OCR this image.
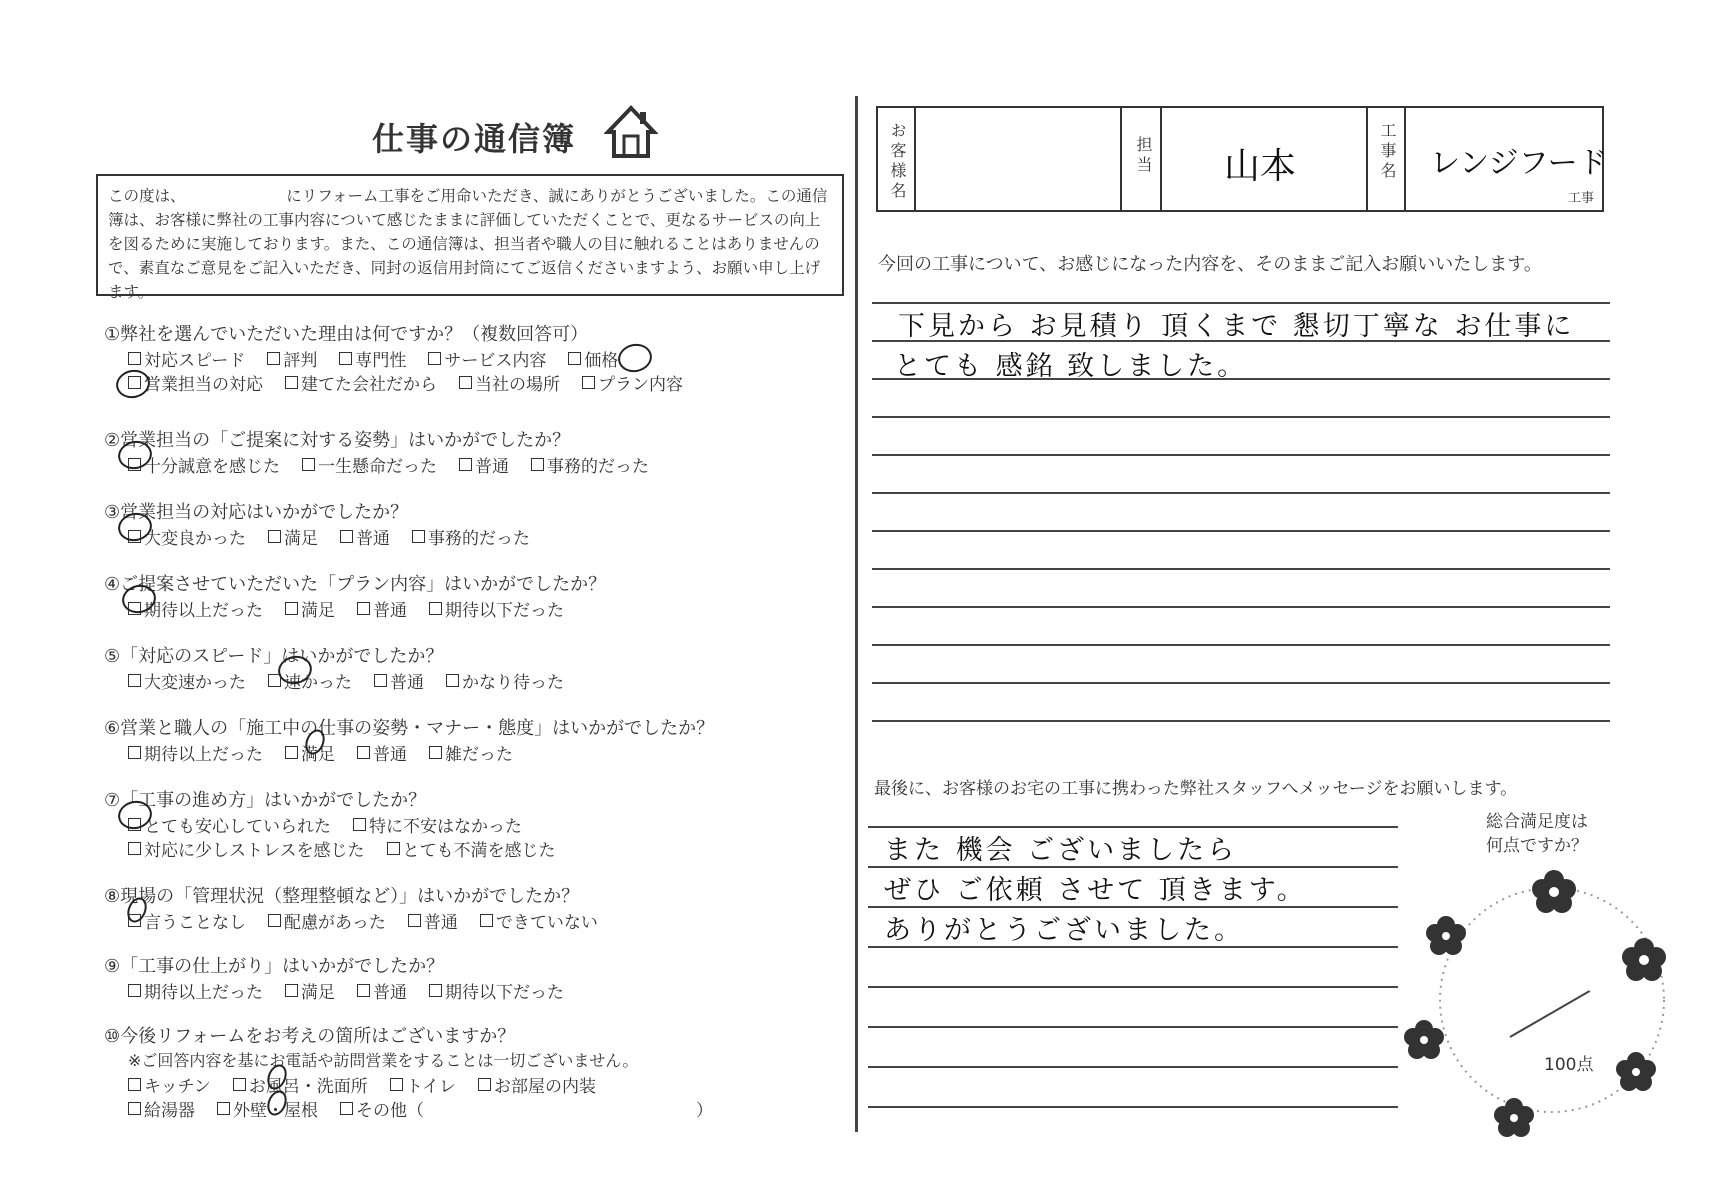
仕事の通信簿
この度は、　　　　　　　にリフォーム工事をご用命いただき、誠にありがとうございました。この通信簿は、お客様に弊社の工事内容について感じたままに評価していただくことで、更なるサービスの向上を図るために実施しております。また、この通信簿は、担当者や職人の目に触れることはありませんので、素直なご意見をご記入いただき、同封の返信用封筒にてご返信くださいますよう、お願い申し上げます。
①弊社を選んでいただいた理由は何ですか？（複数回答可）
対応スピード 評判 専門性 サービス内容 価格
営業担当の対応 建てた会社だから 当社の場所 プラン内容
②営業担当の「ご提案に対する姿勢」はいかがでしたか？
十分誠意を感じた 一生懸命だった 普通 事務的だった
③営業担当の対応はいかがでしたか？
大変良かった 満足 普通 事務的だった
④ご提案させていただいた「プラン内容」はいかがでしたか？
期待以上だった 満足 普通 期待以下だった
⑤「対応のスピード」はいかがでしたか？
大変速かった 速かった 普通 かなり待った
⑥営業と職人の「施工中の仕事の姿勢・マナー・態度」はいかがでしたか？
期待以上だった 満足 普通 雑だった
⑦「工事の進め方」はいかがでしたか？
とても安心していられた 特に不安はなかった
対応に少しストレスを感じた とても不満を感じた
⑧現場の「管理状況（整理整頓など）」はいかがでしたか？
言うことなし 配慮があった 普通 できていない
⑨「工事の仕上がり」はいかがでしたか？
期待以上だった 満足 普通 期待以下だった
⑩今後リフォームをお考えの箇所はございますか？
※ご回答内容を基にお電話や訪問営業をすることは一切ございません。
キッチン お風呂・洗面所 トイレ お部屋の内装
給湯器 外壁・屋根 その他（　　　　　　　　　　　　　　　　）
お客様名	担当 山本	工事名 レンジフード
工事
今回の工事について、お感じになった内容を、そのままご記入お願いいたします。
下見から お見積り 頂くまで 懇切丁寧な お仕事に
とても 感銘 致しました。
最後に、お客様のお宅の工事に携わった弊社スタッフへメッセージをお願いします。
また 機会 ございましたら
ぜひ ご依頼 させて 頂きます。
ありがとうございました。
総合満足度は
何点ですか？
100点
